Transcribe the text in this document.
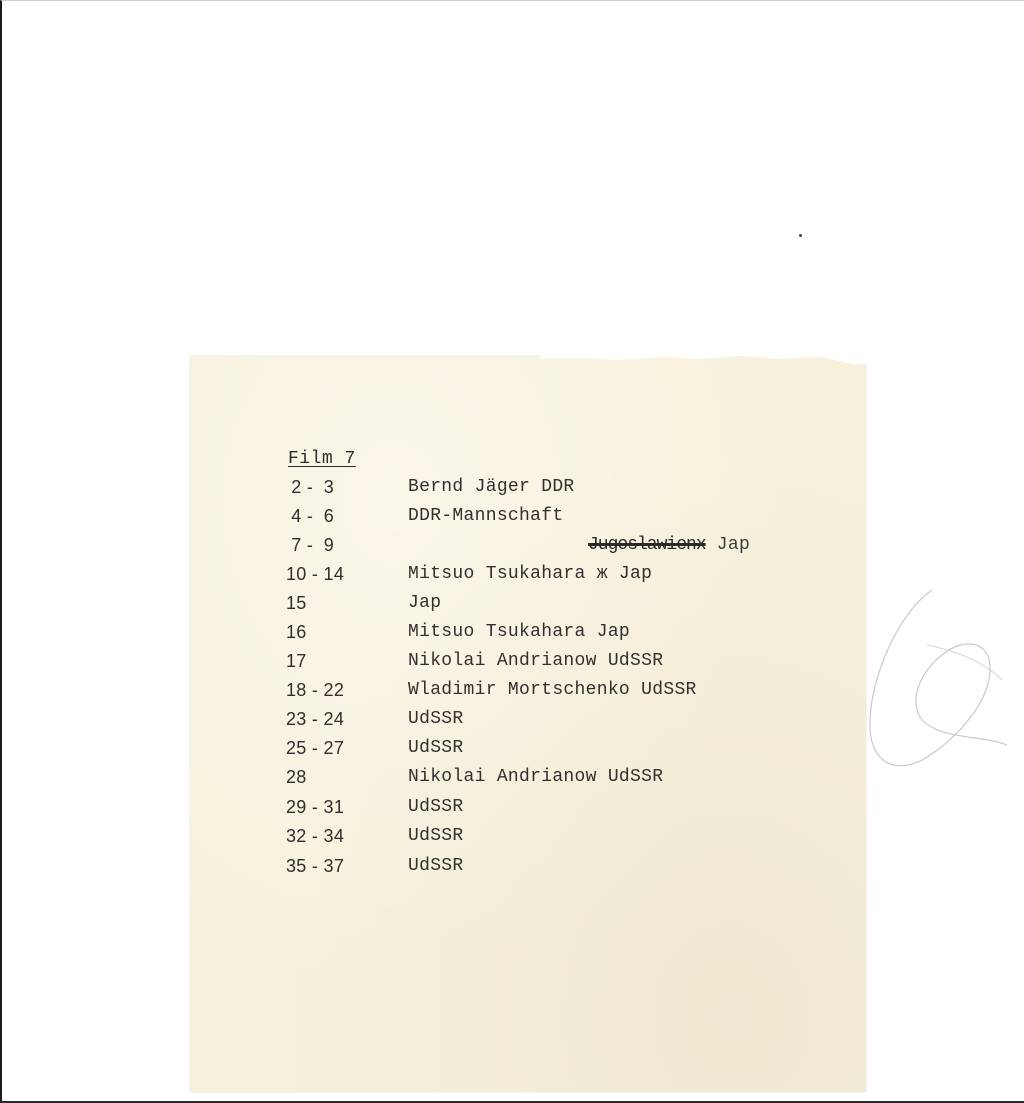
Film 7
2 -  3	Bernd Jäger DDR
4 -  6	DDR-Mannschaft
7 -  9	Jugoslawienx Jap
10 - 14	Mitsuo Tsukahara ж Jap
15	Jap
16	Mitsuo Tsukahara Jap
17	Nikolai Andrianow UdSSR
18 - 22	Wladimir Mortschenko UdSSR
23 - 24	UdSSR
25 - 27	UdSSR
28	Nikolai Andrianow UdSSR
29 - 31	UdSSR
32 - 34	UdSSR
35 - 37	UdSSR
